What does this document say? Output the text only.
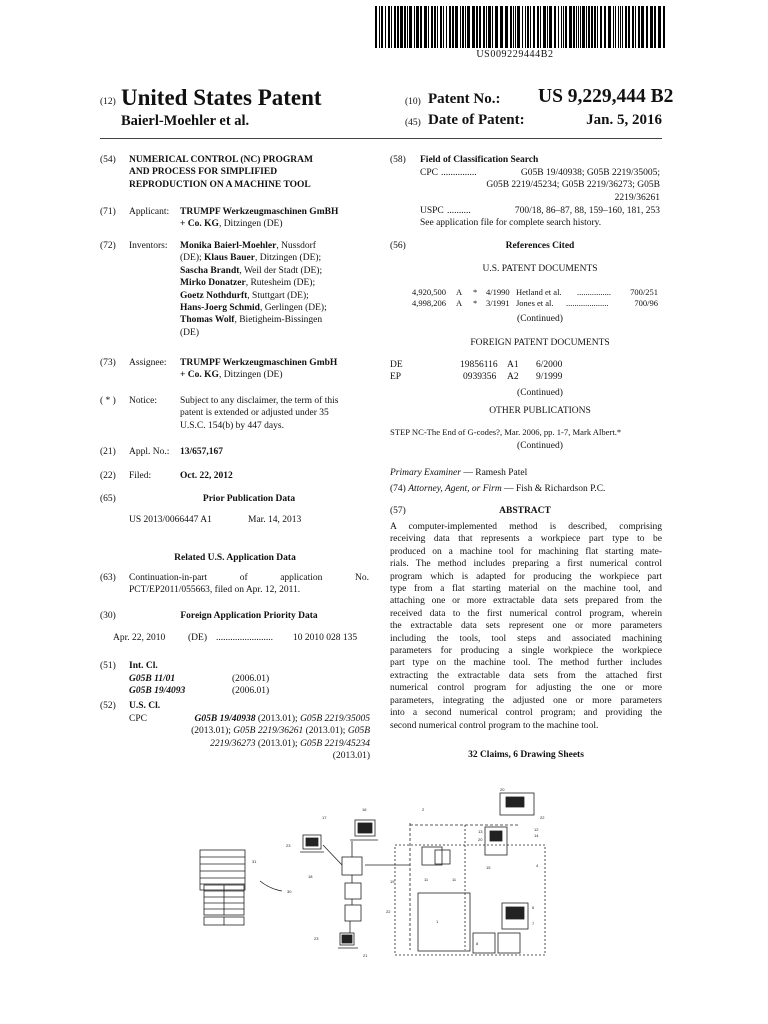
US009229444B2
(12) United States Patent
Baierl-Moehler et al.
(10) Patent No.: US 9,229,444 B2
(45) Date of Patent:	Jan. 5, 2016
(54) NUMERICAL CONTROL (NC) PROGRAM
AND PROCESS FOR SIMPLIFIED
REPRODUCTION ON A MACHINE TOOL
(71) Applicant: TRUMPF Werkzeugmaschinen GmBH
+ Co. KG, Ditzingen (DE)
(72) Inventors: Monika Baierl-Moehler, Nussdorf
(DE); Klaus Bauer, Ditzingen (DE);
Sascha Brandt, Weil der Stadt (DE);
Mirko Donatzer, Rutesheim (DE);
Goetz Nothdurft, Stuttgart (DE);
Hans-Joerg Schmid, Gerlingen (DE);
Thomas Wolf, Bietigheim-Bissingen
(DE)
(73) Assignee: TRUMPF Werkzeugmaschinen GmbH
+ Co. KG, Ditzingen (DE)
( * ) Notice: Subject to any disclaimer, the term of this
patent is extended or adjusted under 35
U.S.C. 154(b) by 447 days.
(21) Appl. No.: 13/657,167
(22) Filed:	Oct. 22, 2012
(65)	Prior Publication Data
US 2013/0066447 A1	Mar. 14, 2013
Related U.S. Application Data
(63) Continuation-in-part	of	application	No.
PCT/EP2011/055663, filed on Apr. 12, 2011.
(30)	Foreign Application Priority Data
Apr. 22, 2010 (DE) ........................ 10 2010 028 135
(51) Int. Cl.
G05B 11/01	(2006.01)
G05B 19/4093	(2006.01)
(52) U.S. Cl.
CPC	G05B 19/40938 (2013.01); G05B 2219/35005
(2013.01); G05B 2219/36261 (2013.01); G05B
2219/36273 (2013.01); G05B 2219/45234
(2013.01)
(58) Field of Classification Search
CPC ...............	G05B 19/40938; G05B 2219/35005;
G05B 2219/45234; G05B 2219/36273; G05B
2219/36261
USPC ..........	700/18, 86–87, 88, 159–160, 181, 253
See application file for complete search history.
(56)	References Cited
U.S. PATENT DOCUMENTS
4,920,500 A * 4/1990 Hetland et al. ................ 700/251
4,998,206 A * 3/1991 Jones et al. ....................	700/96
(Continued)
FOREIGN PATENT DOCUMENTS
DE	19856116 A1 6/2000
EP	0939356 A2 9/1999
(Continued)
OTHER PUBLICATIONS
STEP NC-The End of G-codes?, Mar. 2006, pp. 1-7, Mark Albert.*
(Continued)
Primary Examiner — Ramesh Patel
(74) Attorney, Agent, or Firm — Fish & Richardson P.C.
(57)	ABSTRACT
A computer-implemented method is described, comprising
receiving data that represents a workpiece part type to be
produced on a machine tool for machining flat starting mate-
rials. The method includes preparing a first numerical control
program which is adapted for producing the workpiece part
type from a flat starting material on the machine tool, and
attaching one or more extractable data sets prepared from the
received data to the first numerical control program, wherein
the extractable data sets represent one or more parameters
including the tools, tool steps and associated machining
parameters for producing a single workpiece the workpiece
part type on the machine tool. The method further includes
extracting the extractable data sets from the attached first
numerical control program for adjusting the one or more
parameters, integrating the adjusted one or more parameters
into a second numerical control program; and providing the
second numerical control program to the machine tool.
32 Claims, 6 Drawing Sheets
16
17
23
18
19
22
21
23
31
30
2
22
4
6
7
20
11	11
1
8
13
20
12
14
15
